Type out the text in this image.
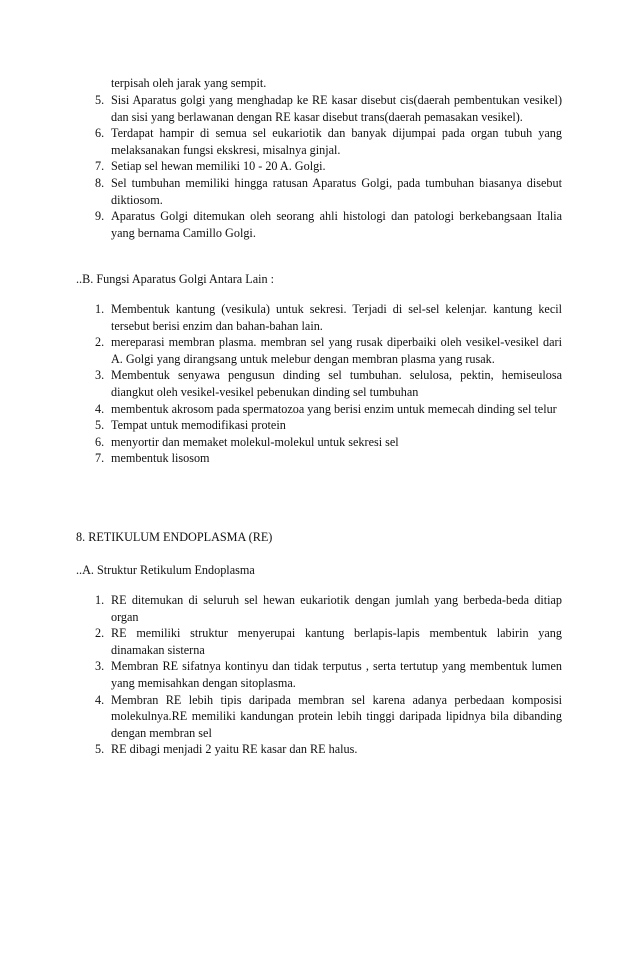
terpisah oleh jarak yang sempit.

5. Sisi Aparatus golgi yang menghadap ke RE kasar disebut cis(daerah pembentukan vesikel) dan sisi yang berlawanan dengan RE kasar disebut trans(daerah pemasakan vesikel).
6. Terdapat hampir di semua sel eukariotik dan banyak dijumpai pada organ tubuh yang melaksanakan fungsi ekskresi, misalnya ginjal.
7. Setiap sel hewan memiliki 10 - 20 A. Golgi.
8. Sel tumbuhan memiliki hingga ratusan Aparatus Golgi, pada tumbuhan biasanya disebut diktiosom.
9. Aparatus Golgi ditemukan oleh seorang ahli histologi dan patologi berkebangsaan Italia yang bernama Camillo Golgi.

..B. Fungsi Aparatus Golgi Antara Lain :

1. Membentuk kantung (vesikula) untuk sekresi. Terjadi di sel-sel kelenjar. kantung kecil tersebut berisi enzim dan bahan-bahan lain.
2. mereparasi membran plasma. membran sel yang rusak diperbaiki oleh vesikel-vesikel dari A. Golgi yang dirangsang untuk melebur dengan membran plasma yang rusak.
3. Membentuk senyawa pengusun dinding sel tumbuhan. selulosa, pektin, hemiseulosa diangkut oleh vesikel-vesikel pebenukan dinding sel tumbuhan
4. membentuk akrosom pada spermatozoa yang berisi enzim untuk memecah dinding sel telur
5. Tempat untuk memodifikasi protein
6. menyortir dan memaket molekul-molekul untuk sekresi sel
7. membentuk lisosom

8. RETIKULUM ENDOPLASMA (RE)

..A. Struktur Retikulum Endoplasma

1. RE ditemukan di seluruh sel hewan eukariotik dengan jumlah yang berbeda-beda ditiap organ
2. RE memiliki struktur menyerupai kantung berlapis-lapis membentuk labirin yang dinamakan sisterna
3. Membran RE sifatnya kontinyu dan tidak terputus , serta tertutup yang membentuk lumen yang memisahkan dengan sitoplasma.
4. Membran RE lebih tipis daripada membran sel karena adanya perbedaan komposisi molekulnya.RE memiliki kandungan protein lebih tinggi daripada lipidnya bila dibanding dengan membran sel
5. RE dibagi menjadi 2 yaitu RE kasar dan RE halus.
